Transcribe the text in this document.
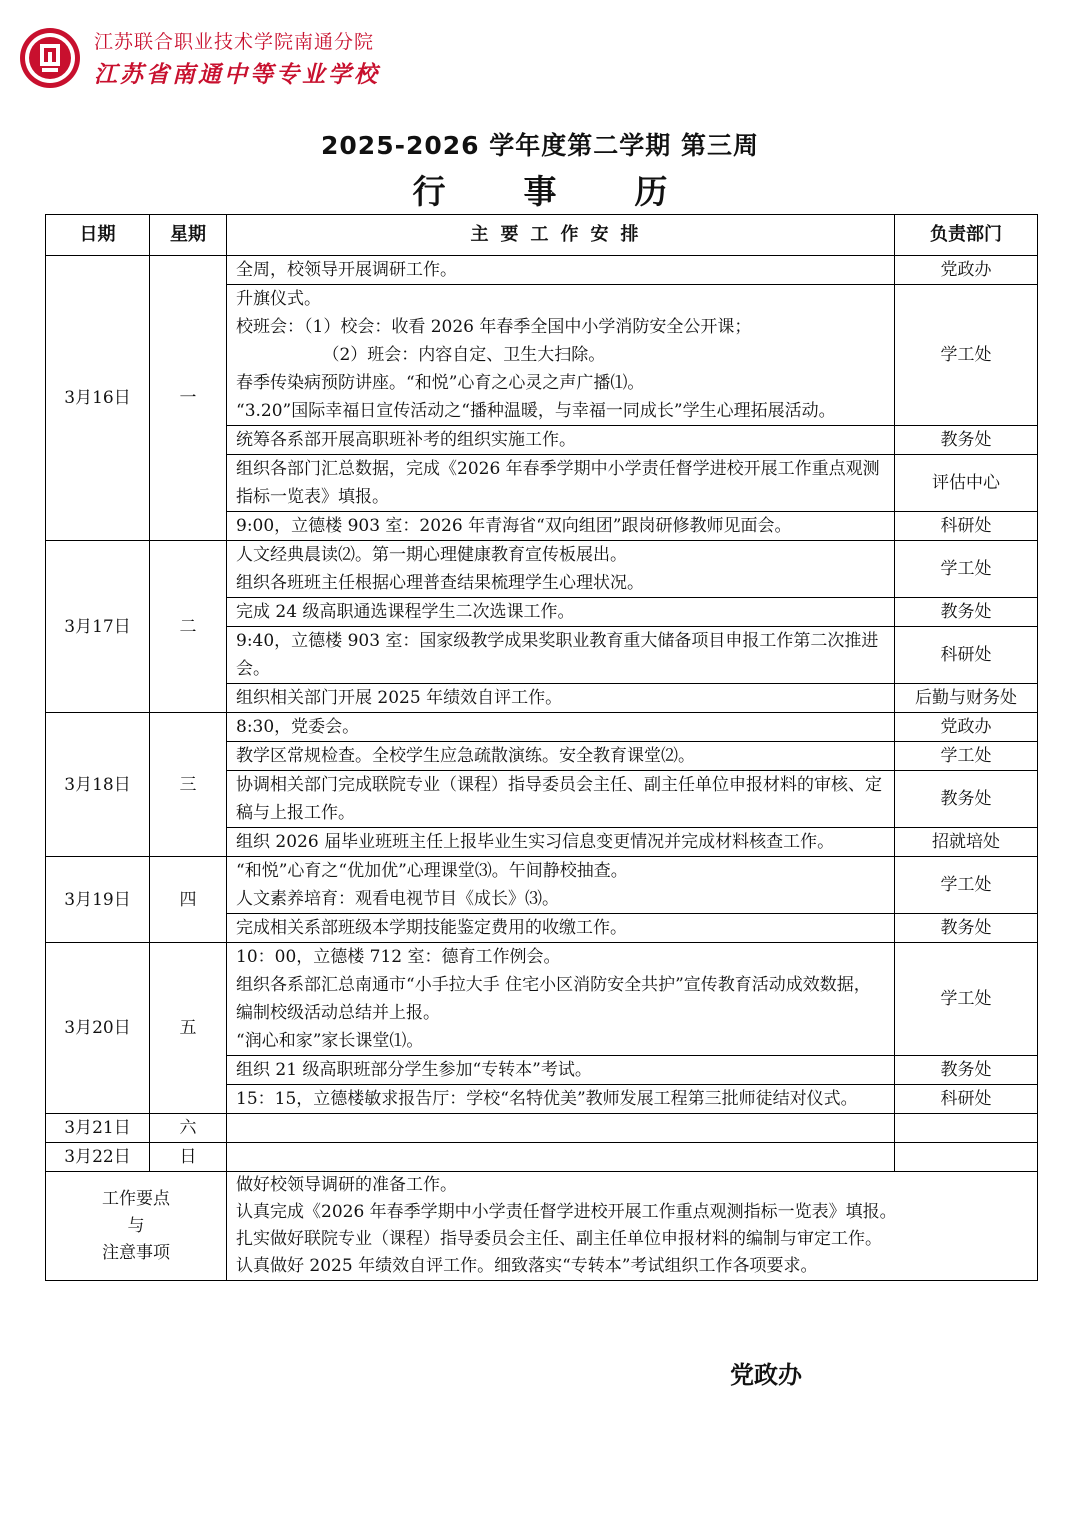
江苏联合职业技术学院南通分院
江苏省南通中等专业学校
2025-2026 学年度第二学期 第三周
行事历
日期	星期	主要工作安排	负责部门
3月16日	一	全周，校领导开展调研工作。	党政办
		升旗仪式。
校班会：（1）校会：收看 2026 年春季全国中小学消防安全公开课；
（2）班会：内容自定、卫生大扫除。
春季传染病预防讲座。“和悦”心育之心灵之声广播⑴。
“3.20”国际幸福日宣传活动之“播种温暖，与幸福一同成长”学生心理拓展活动。	学工处
		统筹各系部开展高职班补考的组织实施工作。	教务处
		组织各部门汇总数据，完成《2026 年春季学期中小学责任督学进校开展工作重点观测指标一览表》填报。	评估中心
		9:00，立德楼 903 室：2026 年青海省“双向组团”跟岗研修教师见面会。	科研处
3月17日	二	人文经典晨读⑵。第一期心理健康教育宣传板展出。
组织各班班主任根据心理普查结果梳理学生心理状况。	学工处
		完成 24 级高职通选课程学生二次选课工作。	教务处
		9:40，立德楼 903 室：国家级教学成果奖职业教育重大储备项目申报工作第二次推进会。	科研处
		组织相关部门开展 2025 年绩效自评工作。	后勤与财务处
3月18日	三	8:30，党委会。	党政办
		教学区常规检查。全校学生应急疏散演练。安全教育课堂⑵。	学工处
		协调相关部门完成联院专业（课程）指导委员会主任、副主任单位申报材料的审核、定稿与上报工作。	教务处
		组织 2026 届毕业班班主任上报毕业生实习信息变更情况并完成材料核查工作。	招就培处
3月19日	四	“和悦”心育之“优加优”心理课堂⑶。午间静校抽查。
人文素养培育：观看电视节目《成长》⑶。	学工处
		完成相关系部班级本学期技能鉴定费用的收缴工作。	教务处
3月20日	五	10：00，立德楼 712 室：德育工作例会。
组织各系部汇总南通市“小手拉大手 住宅小区消防安全共护”宣传教育活动成效数据，编制校级活动总结并上报。
“润心和家”家长课堂⑴。	学工处
		组织 21 级高职班部分学生参加“专转本”考试。	教务处
		15：15，立德楼敏求报告厅：学校“名特优美”教师发展工程第三批师徒结对仪式。	科研处
3月21日	六		
3月22日	日		
工作要点
与
注意事项		做好校领导调研的准备工作。
认真完成《2026 年春季学期中小学责任督学进校开展工作重点观测指标一览表》填报。
扎实做好联院专业（课程）指导委员会主任、副主任单位申报材料的编制与审定工作。
认真做好 2025 年绩效自评工作。细致落实“专转本”考试组织工作各项要求。	
党政办
